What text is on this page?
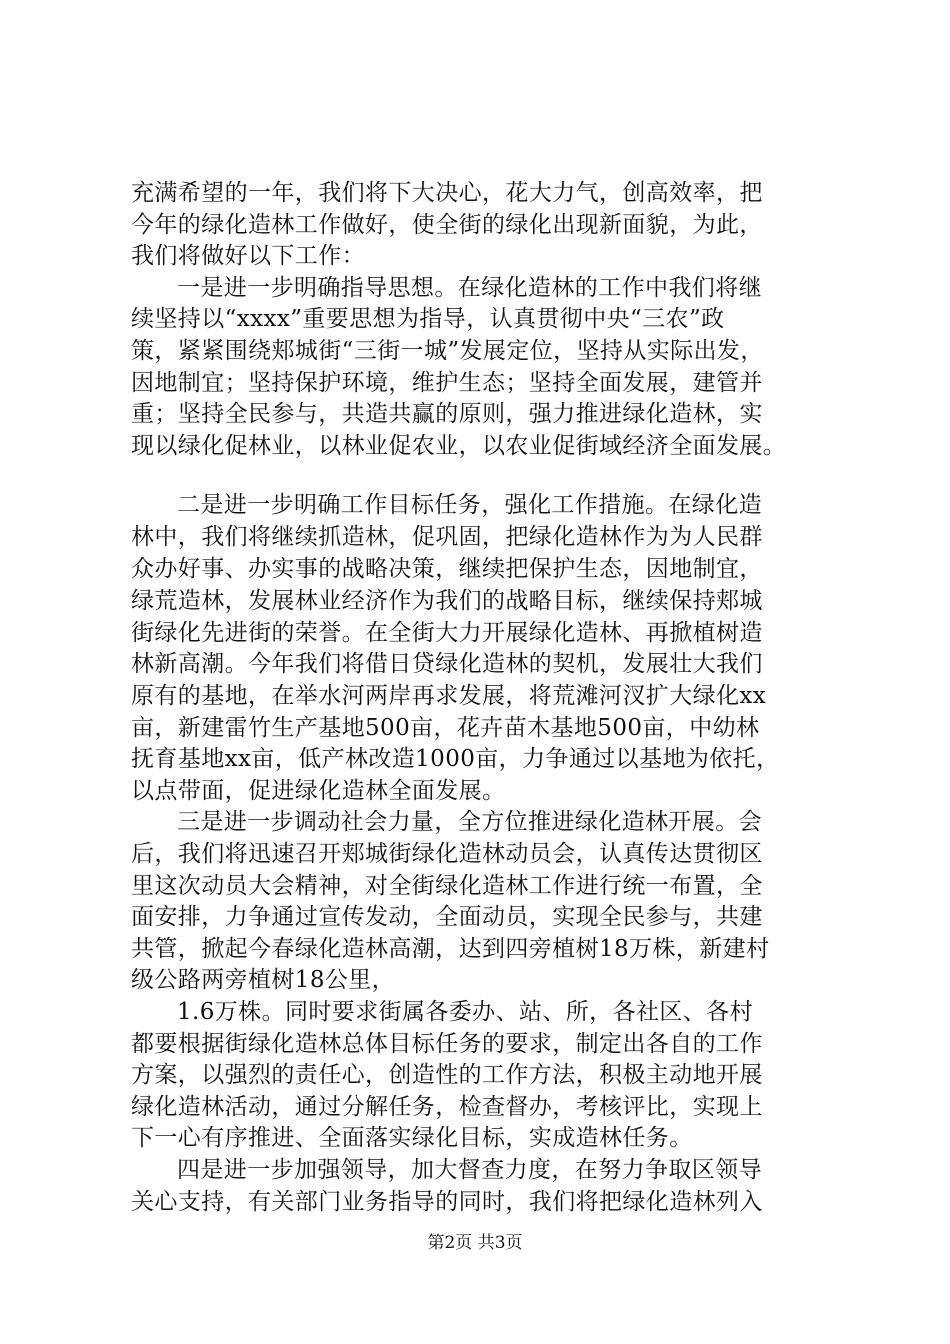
充满希望的一年，我们将下大决心，花大力气，创高效率，把
今年的绿化造林工作做好，使全街的绿化出现新面貌，为此，
我们将做好以下工作：
一是进一步明确指导思想。在绿化造林的工作中我们将继
续坚持以“xxxx”重要思想为指导，认真贯彻中央“三农”政
策，紧紧围绕郏城街“三街一城”发展定位，坚持从实际出发，
因地制宜；坚持保护环境，维护生态；坚持全面发展，建管并
重；坚持全民参与，共造共赢的原则，强力推进绿化造林，实
现以绿化促林业，以林业促农业，以农业促街域经济全面发展。
二是进一步明确工作目标任务，强化工作措施。在绿化造
林中，我们将继续抓造林，促巩固，把绿化造林作为为人民群
众办好事、办实事的战略决策，继续把保护生态，因地制宜，
绿荒造林，发展林业经济作为我们的战略目标，继续保持郏城
街绿化先进街的荣誉。在全街大力开展绿化造林、再掀植树造
林新高潮。今年我们将借日贷绿化造林的契机，发展壮大我们
原有的基地，在举水河两岸再求发展，将荒滩河汊扩大绿化xx
亩，新建雷竹生产基地500亩，花卉苗木基地500亩，中幼林
抚育基地xx亩，低产林改造1000亩，力争通过以基地为依托，
以点带面，促进绿化造林全面发展。
三是进一步调动社会力量，全方位推进绿化造林开展。会
后，我们将迅速召开郏城街绿化造林动员会，认真传达贯彻区
里这次动员大会精神，对全街绿化造林工作进行统一布置，全
面安排，力争通过宣传发动，全面动员，实现全民参与，共建
共管，掀起今春绿化造林高潮，达到四旁植树18万株，新建村
级公路两旁植树18公里，
1.6万株。同时要求街属各委办、站、所，各社区、各村
都要根据街绿化造林总体目标任务的要求，制定出各自的工作
方案，以强烈的责任心，创造性的工作方法，积极主动地开展
绿化造林活动，通过分解任务，检查督办，考核评比，实现上
下一心有序推进、全面落实绿化目标，实成造林任务。
四是进一步加强领导，加大督查力度，在努力争取区领导
关心支持，有关部门业务指导的同时，我们将把绿化造林列入
第2页 共3页
